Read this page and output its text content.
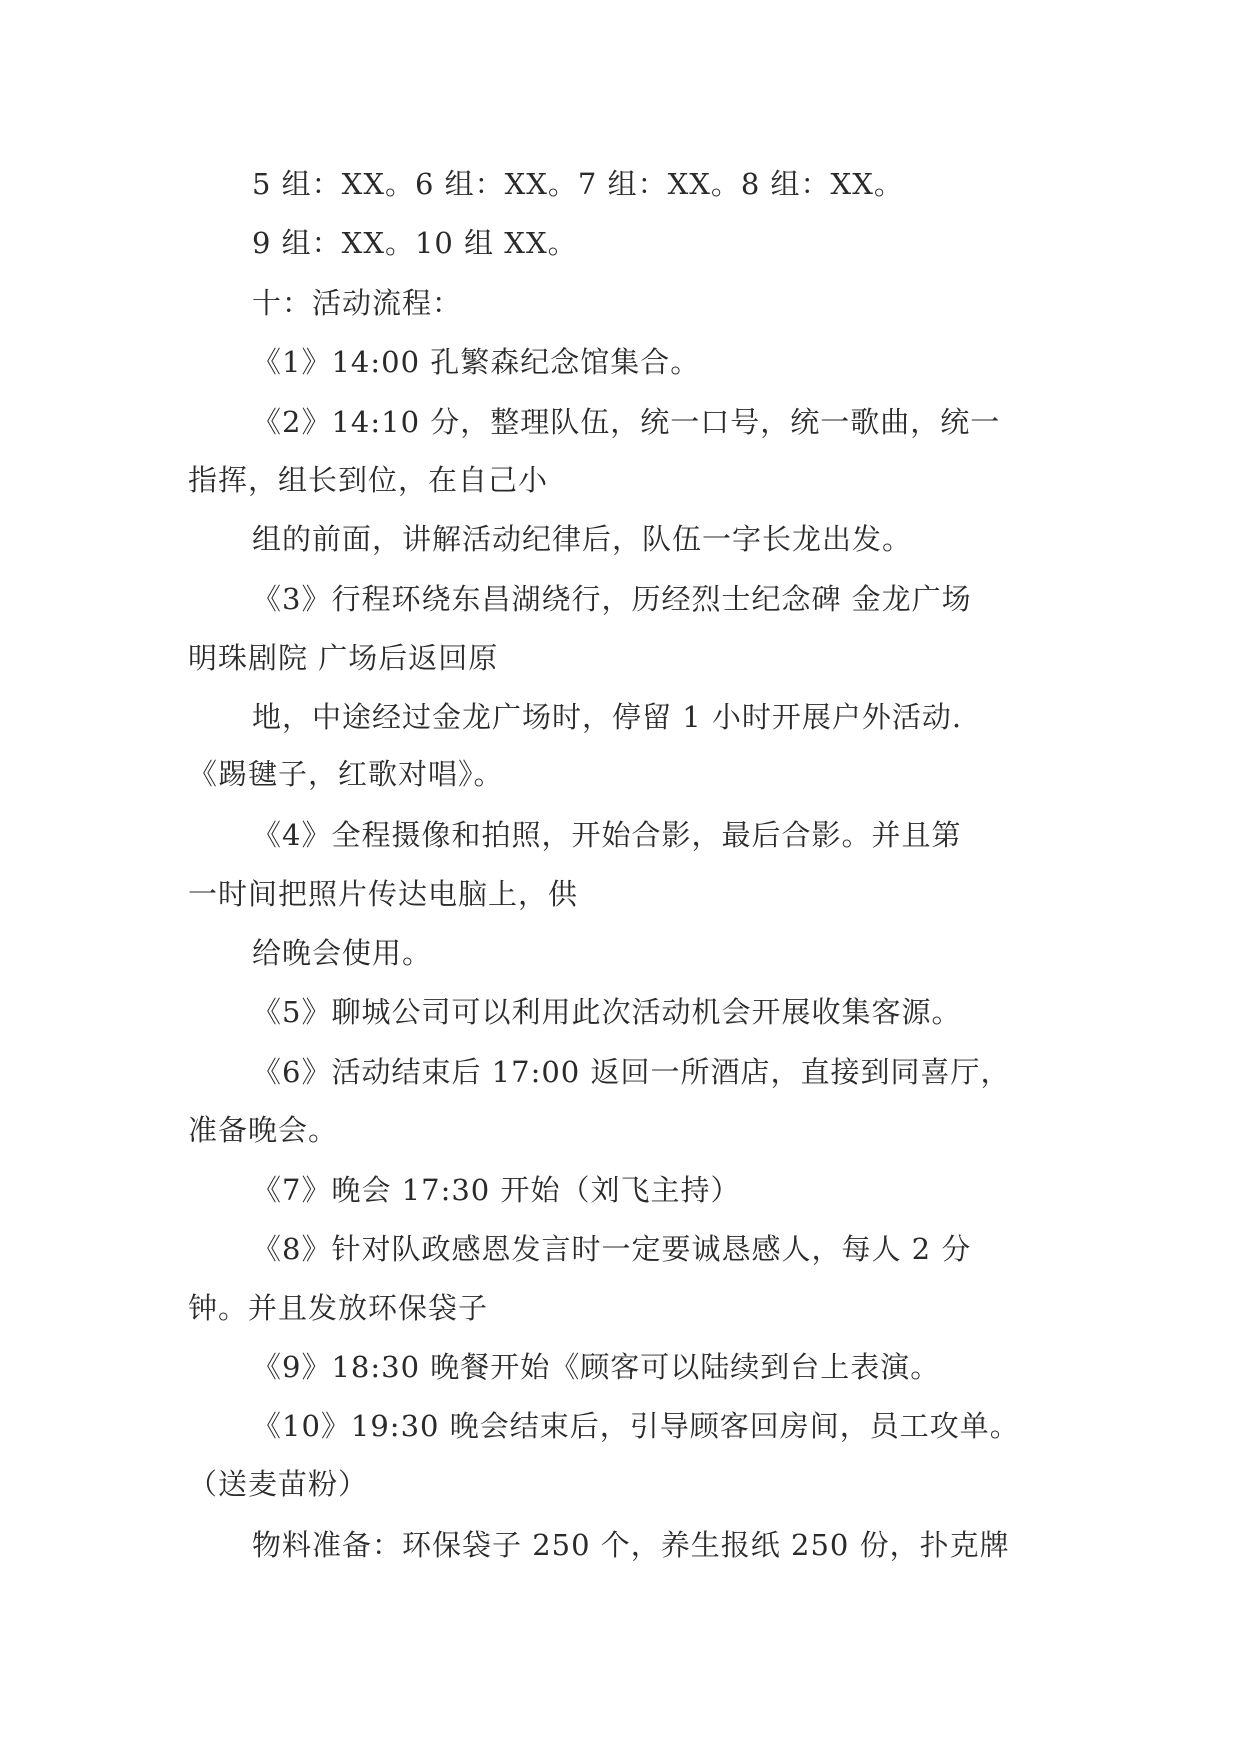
5 组：XX。6 组：XX。7 组：XX。8 组：XX。
9 组：XX。10 组 XX。
十：活动流程：
《1》14:00 孔繁森纪念馆集合。
《2》14:10 分，整理队伍，统一口号，统一歌曲，统一
指挥，组长到位，在自己小
组的前面，讲解活动纪律后，队伍一字长龙出发。
《3》行程环绕东昌湖绕行，历经烈士纪念碑 金龙广场
明珠剧院 广场后返回原
地，中途经过金龙广场时，停留 1 小时开展户外活动.
《踢毽子，红歌对唱》。
《4》全程摄像和拍照，开始合影，最后合影。并且第
一时间把照片传达电脑上，供
给晚会使用。
《5》聊城公司可以利用此次活动机会开展收集客源。
《6》活动结束后 17:00 返回一所酒店，直接到同喜厅，
准备晚会。
《7》晚会 17:30 开始（刘飞主持）
《8》针对队政感恩发言时一定要诚恳感人，每人 2 分
钟。并且发放环保袋子
《9》18:30 晚餐开始《顾客可以陆续到台上表演。
《10》19:30 晚会结束后，引导顾客回房间，员工攻单。
（送麦苗粉）
物料准备：环保袋子 250 个，养生报纸 250 份，扑克牌
